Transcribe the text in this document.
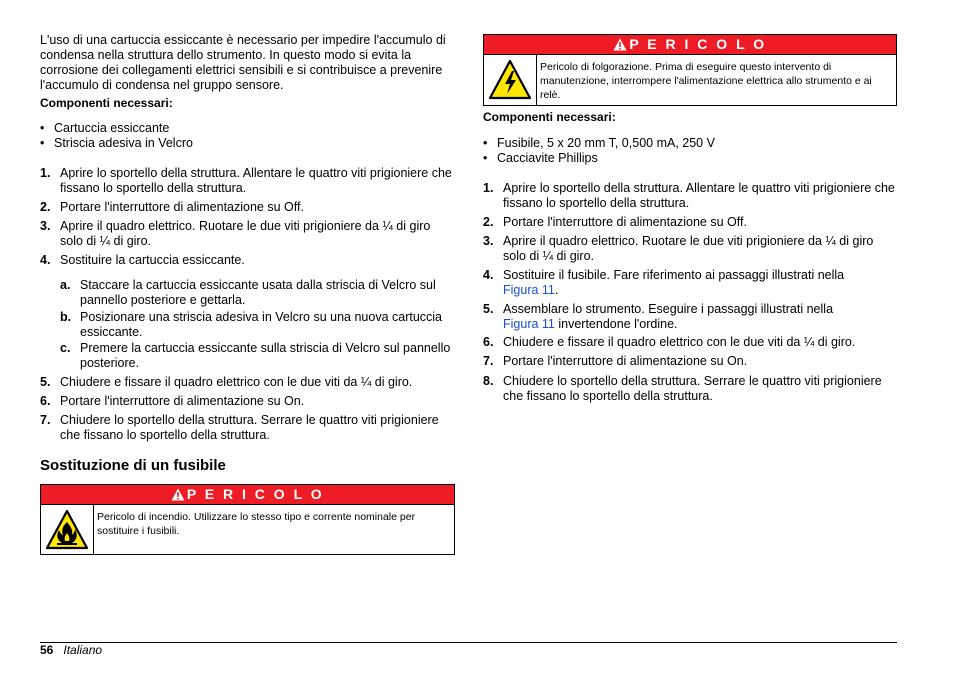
L'uso di una cartuccia essiccante è necessario per impedire l'accumulo di condensa nella struttura dello strumento. In questo modo si evita la corrosione dei collegamenti elettrici sensibili e si contribuisce a prevenire l'accumulo di condensa nel gruppo sensore.

Componenti necessari:
• Cartuccia essiccante
• Striscia adesiva in Velcro
1. Aprire lo sportello della struttura. Allentare le quattro viti prigioniere che fissano lo sportello della struttura.
2. Portare l'interruttore di alimentazione su Off.
3. Aprire il quadro elettrico. Ruotare le due viti prigioniere da ¼ di giro solo di ¼ di giro.
4. Sostituire la cartuccia essiccante.
a. Staccare la cartuccia essiccante usata dalla striscia di Velcro sul pannello posteriore e gettarla.
b. Posizionare una striscia adesiva in Velcro su una nuova cartuccia essiccante.
c. Premere la cartuccia essiccante sulla striscia di Velcro sul pannello posteriore.
5. Chiudere e fissare il quadro elettrico con le due viti da ¼ di giro.
6. Portare l'interruttore di alimentazione su On.
7. Chiudere lo sportello della struttura. Serrare le quattro viti prigioniere che fissano lo sportello della struttura.
Sostituzione di un fusibile
P E R I C O L O
Pericolo di incendio. Utilizzare lo stesso tipo e corrente nominale per sostituire i fusibili.
P E R I C O L O
Pericolo di folgorazione. Prima di eseguire questo intervento di manutenzione, interrompere l'alimentazione elettrica allo strumento e ai relè.
Componenti necessari:
• Fusibile, 5 x 20 mm T, 0,500 mA, 250 V
• Cacciavite Phillips
1. Aprire lo sportello della struttura. Allentare le quattro viti prigioniere che fissano lo sportello della struttura.
2. Portare l'interruttore di alimentazione su Off.
3. Aprire il quadro elettrico. Ruotare le due viti prigioniere da ¼ di giro solo di ¼ di giro.
4. Sostituire il fusibile. Fare riferimento ai passaggi illustrati nella
Figura 11.
5. Assemblare lo strumento. Eseguire i passaggi illustrati nella
Figura 11 invertendone l'ordine.
6. Chiudere e fissare il quadro elettrico con le due viti da ¼ di giro.
7. Portare l'interruttore di alimentazione su On.
8. Chiudere lo sportello della struttura. Serrare le quattro viti prigioniere che fissano lo sportello della struttura.
56 Italiano
